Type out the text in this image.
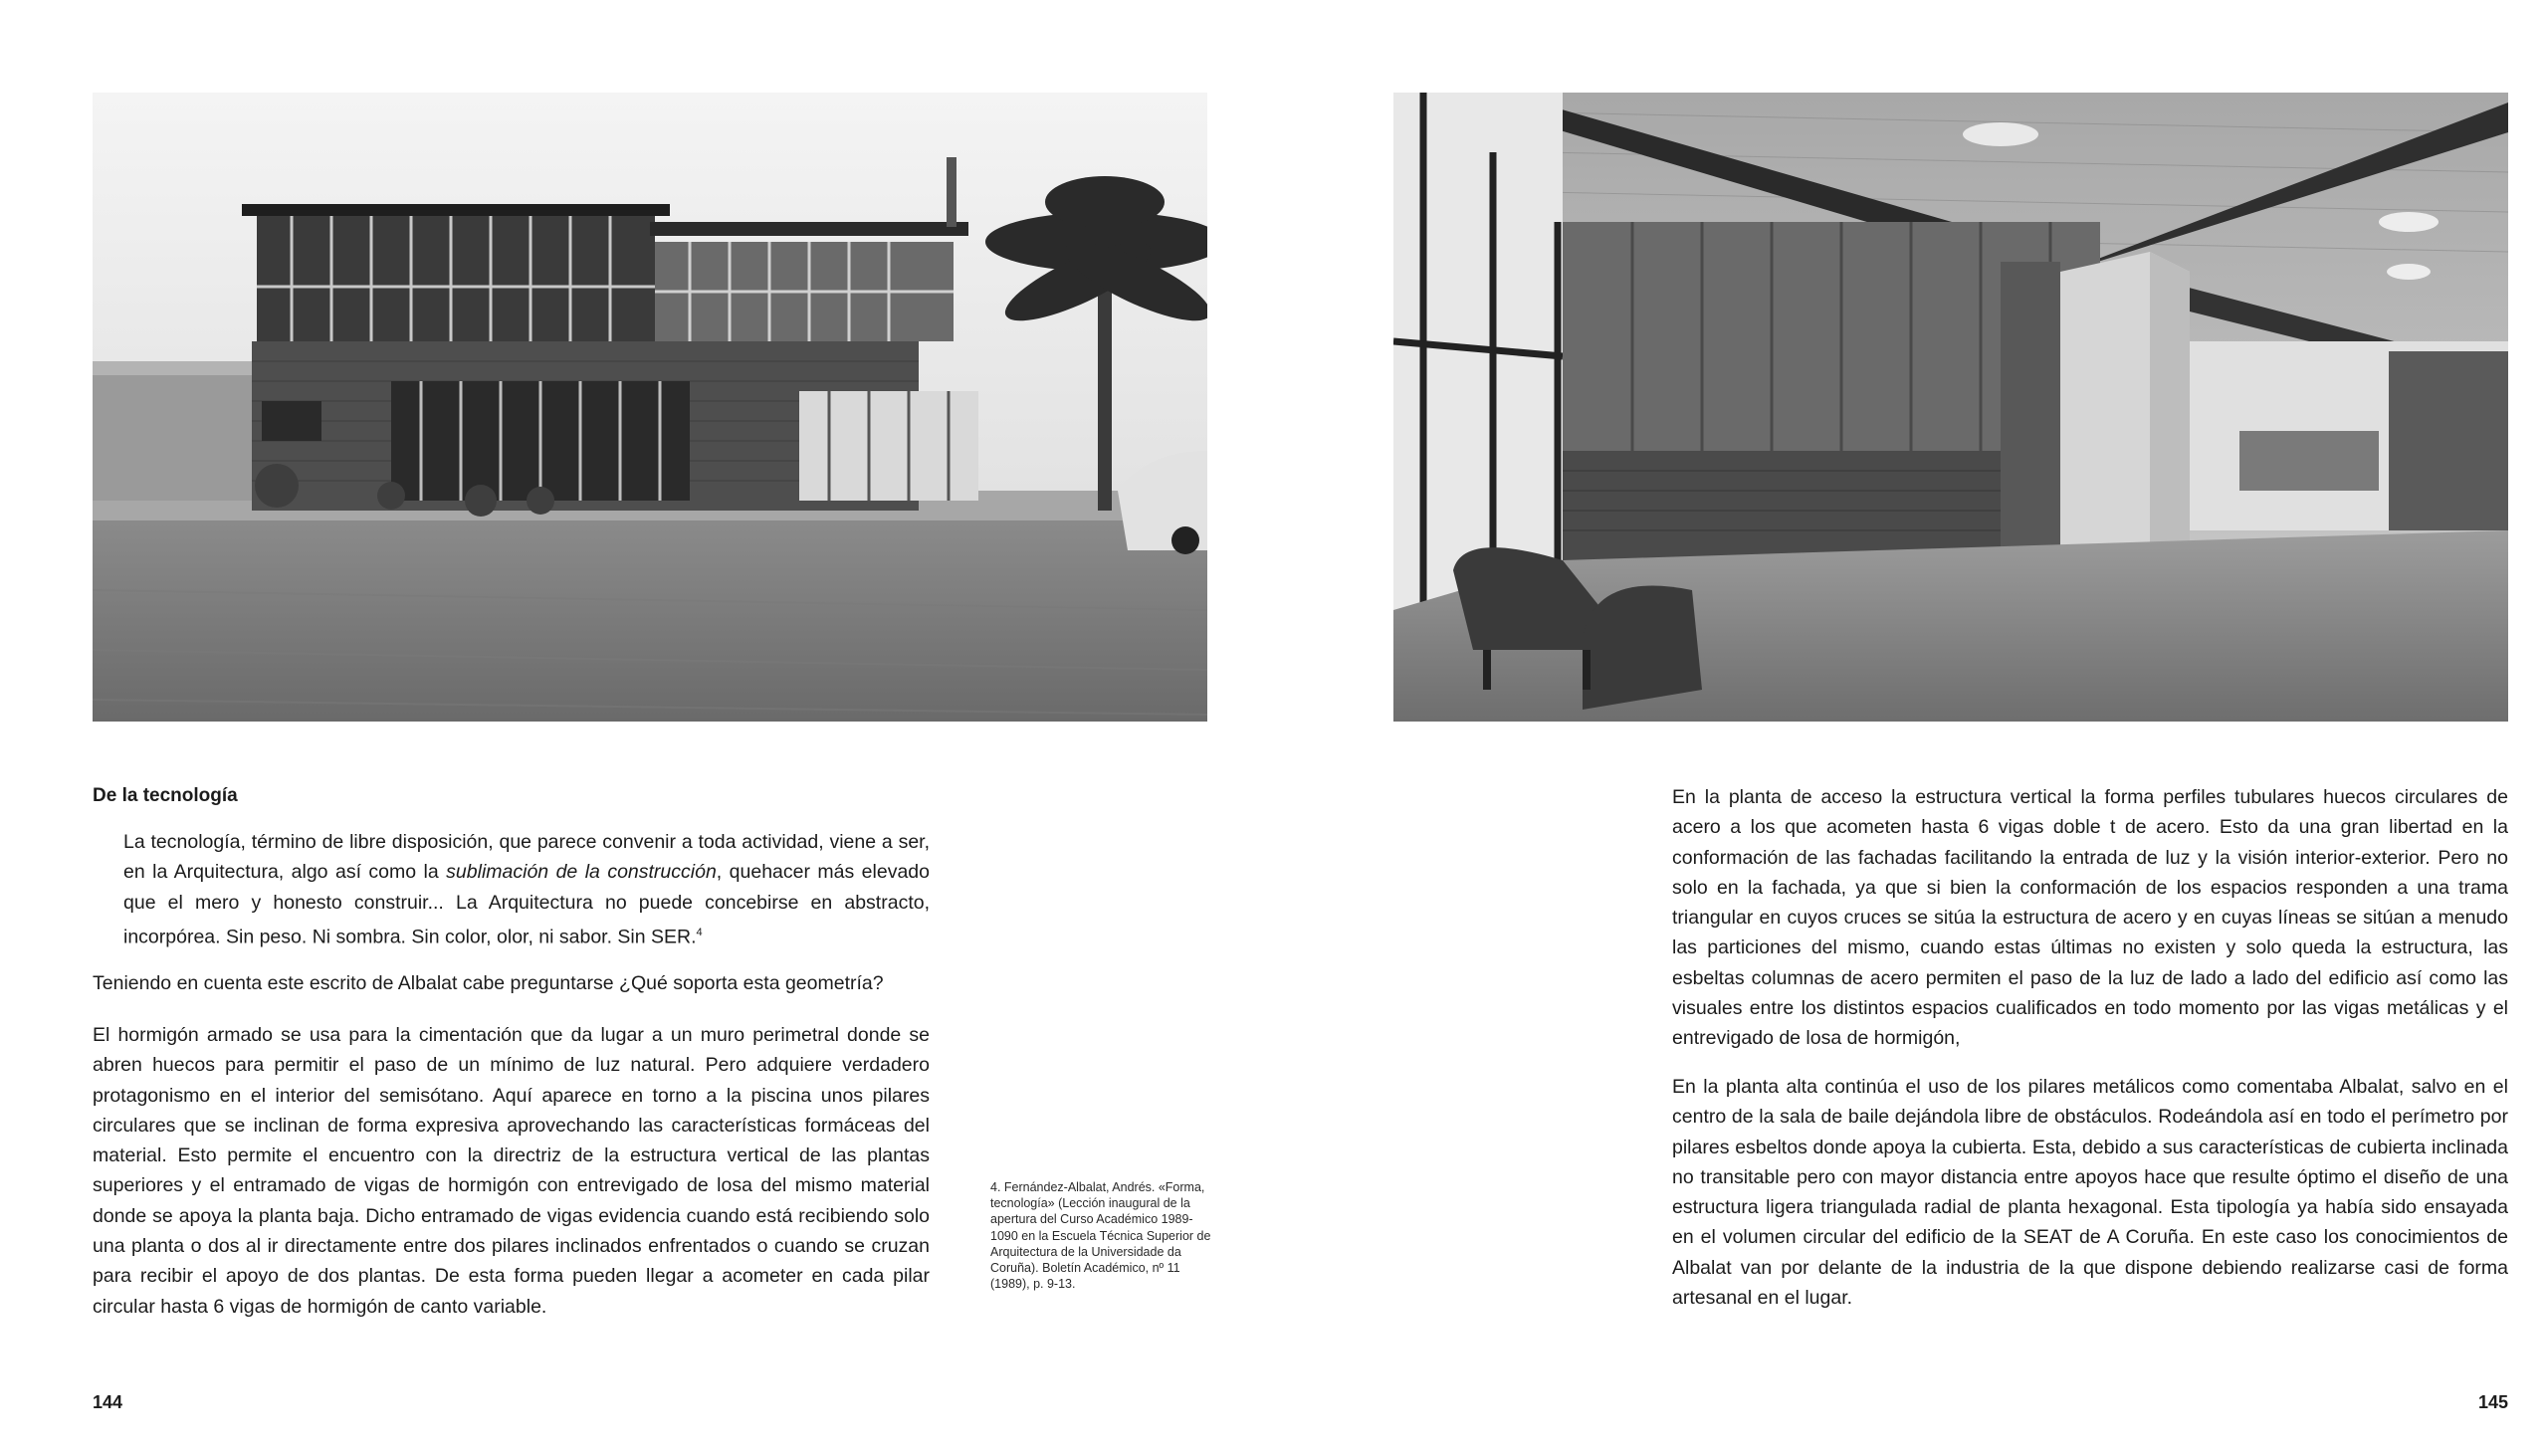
De la tecnología

La tecnología, término de libre disposición, que parece convenir a toda actividad, viene a ser, en la Arquitectura, algo así como la sublimación de la construcción, quehacer más elevado que el mero y honesto construir... La Arquitectura no puede concebirse en abstracto, incorpórea. Sin peso. Ni sombra. Sin color, olor, ni sabor. Sin SER.$^4$

Teniendo en cuenta este escrito de Albalat cabe preguntarse ¿Qué soporta esta geometría?

El hormigón armado se usa para la cimentación que da lugar a un muro perimetral donde se abren huecos para permitir el paso de un mínimo de luz natural. Pero adquiere verdadero protagonismo en el interior del semisótano. Aquí aparece en torno a la piscina unos pilares circulares que se inclinan de forma expresiva aprovechando las características formáceas del material. Esto permite el encuentro con la directriz de la estructura vertical de las plantas superiores y el entramado de vigas de hormigón con entrevigado de losa del mismo material donde se apoya la planta baja. Dicho entramado de vigas evidencia cuando está recibiendo solo una planta o dos al ir directamente entre dos pilares inclinados enfrentados o cuando se cruzan para recibir el apoyo de dos plantas. De esta forma pueden llegar a acometer en cada pilar circular hasta 6 vigas de hormigón de canto variable.

4. Fernández-Albalat, Andrés. «Forma, tecnología» (Lección inaugural de la apertura del Curso Académico 1989-1090 en la Escuela Técnica Superior de Arquitectura de la Universidade da Coruña). Boletín Académico, nº 11 (1989), p. 9-13.
144

En la planta de acceso la estructura vertical la forma perfiles tubulares huecos circulares de acero a los que acometen hasta 6 vigas doble t de acero. Esto da una gran libertad en la conformación de las fachadas facilitando la entrada de luz y la visión interior-exterior. Pero no solo en la fachada, ya que si bien la conformación de los espacios responden a una trama triangular en cuyos cruces se sitúa la estructura de acero y en cuyas líneas se sitúan a menudo las particiones del mismo, cuando estas últimas no existen y solo queda la estructura, las esbeltas columnas de acero permiten el paso de la luz de lado a lado del edificio así como las visuales entre los distintos espacios cualificados en todo momento por las vigas metálicas y el entrevigado de losa de hormigón,

En la planta alta continúa el uso de los pilares metálicos como comentaba Albalat, salvo en el centro de la sala de baile dejándola libre de obstáculos. Rodeándola así en todo el perímetro por pilares esbeltos donde apoya la cubierta. Esta, debido a sus características de cubierta inclinada no transitable pero con mayor distancia entre apoyos hace que resulte óptimo el diseño de una estructura ligera triangulada radial de planta hexagonal. Esta tipología ya había sido ensayada en el volumen circular del edificio de la SEAT de A Coruña. En este caso los conocimientos de Albalat van por delante de la industria de la que dispone debiendo realizarse casi de forma artesanal en el lugar.

145
